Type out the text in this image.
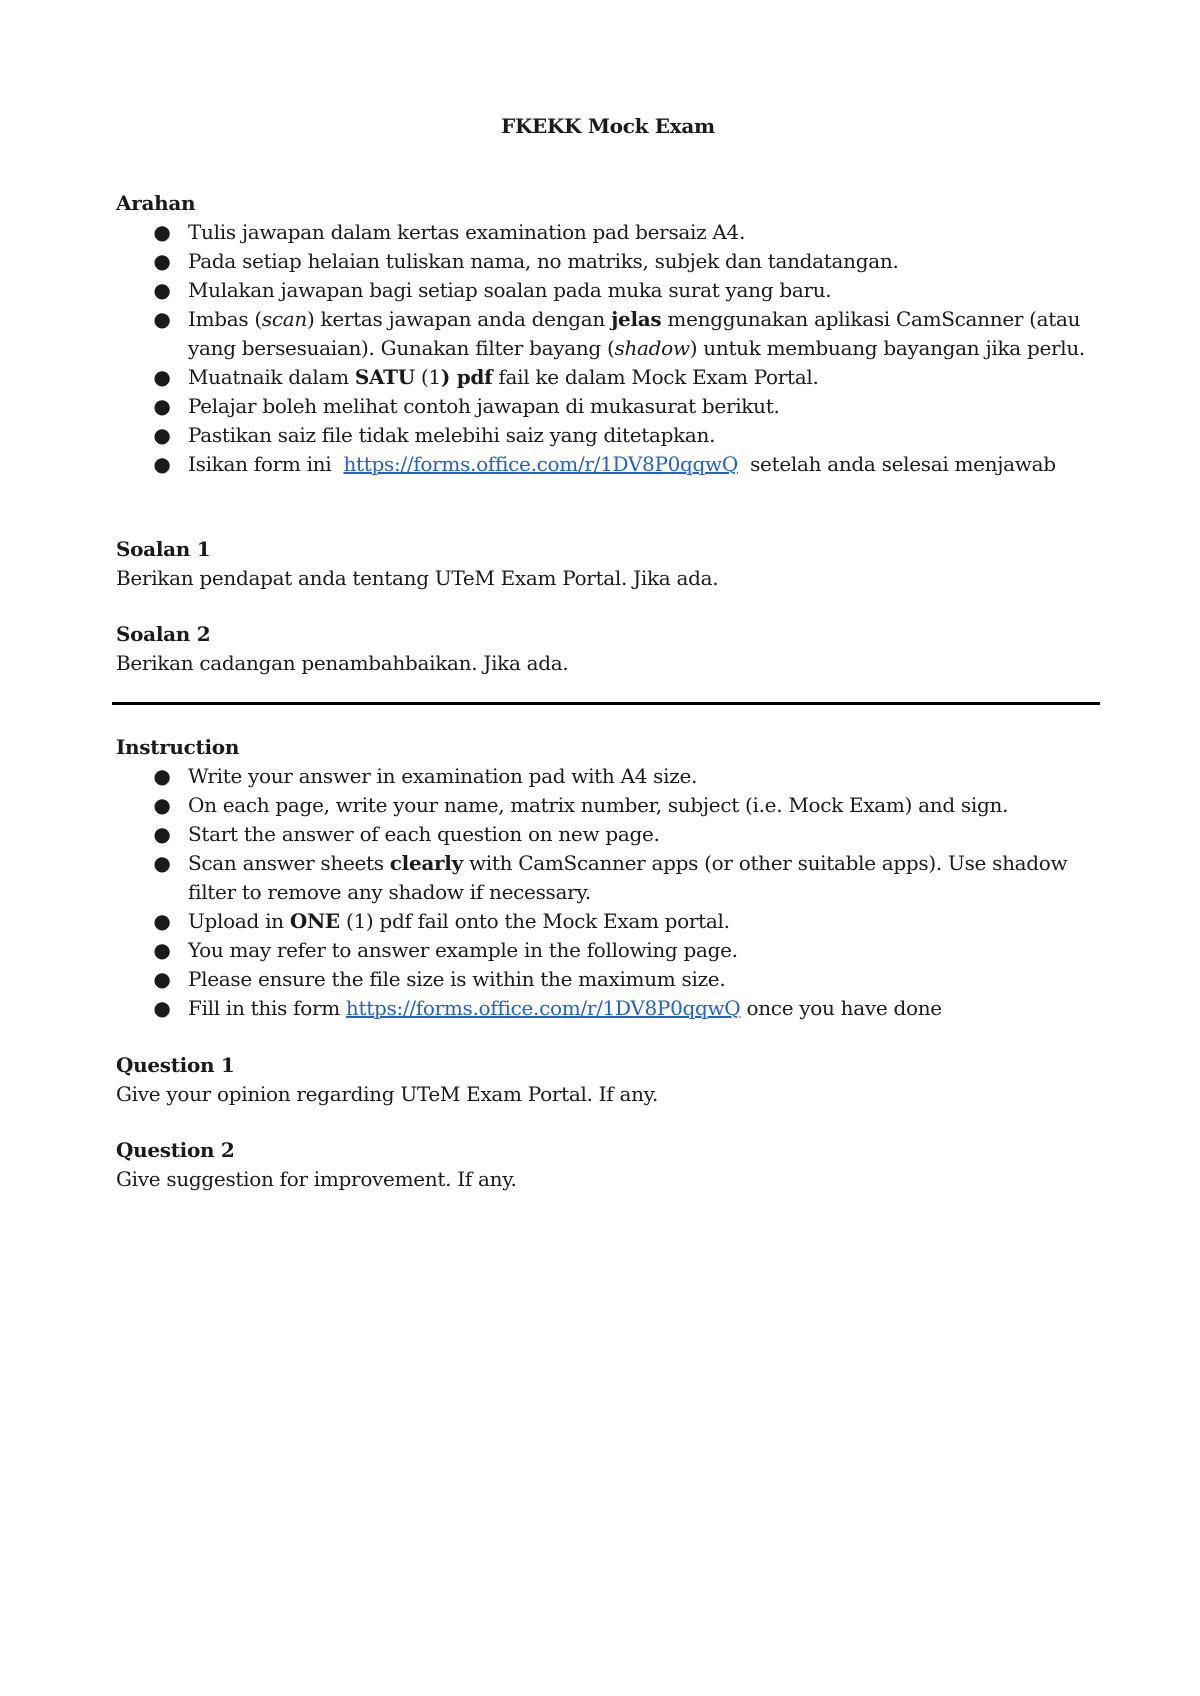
FKEKK Mock Exam

Arahan

● Tulis jawapan dalam kertas examination pad bersaiz A4.
● Pada setiap helaian tuliskan nama, no matriks, subjek dan tandatangan.
● Mulakan jawapan bagi setiap soalan pada muka surat yang baru.
● Imbas (scan) kertas jawapan anda dengan jelas menggunakan aplikasi CamScanner (atau yang bersesuaian). Gunakan filter bayang (shadow) untuk membuang bayangan jika perlu.
● Muatnaik dalam SATU (1) pdf fail ke dalam Mock Exam Portal.
● Pelajar boleh melihat contoh jawapan di mukasurat berikut.
● Pastikan saiz file tidak melebihi saiz yang ditetapkan.
● Isikan form ini  https://forms.office.com/r/1DV8P0qqwQ  setelah anda selesai menjawab

Soalan 1

Berikan pendapat anda tentang UTeM Exam Portal. Jika ada.

Soalan 2

Berikan cadangan penambahbaikan. Jika ada.

Instruction

● Write your answer in examination pad with A4 size.
● On each page, write your name, matrix number, subject (i.e. Mock Exam) and sign.
● Start the answer of each question on new page.
● Scan answer sheets clearly with CamScanner apps (or other suitable apps). Use shadow filter to remove any shadow if necessary.
● Upload in ONE (1) pdf fail onto the Mock Exam portal.
● You may refer to answer example in the following page.
● Please ensure the file size is within the maximum size.
● Fill in this form https://forms.office.com/r/1DV8P0qqwQ once you have done

Question 1

Give your opinion regarding UTeM Exam Portal. If any.

Question 2

Give suggestion for improvement. If any.
